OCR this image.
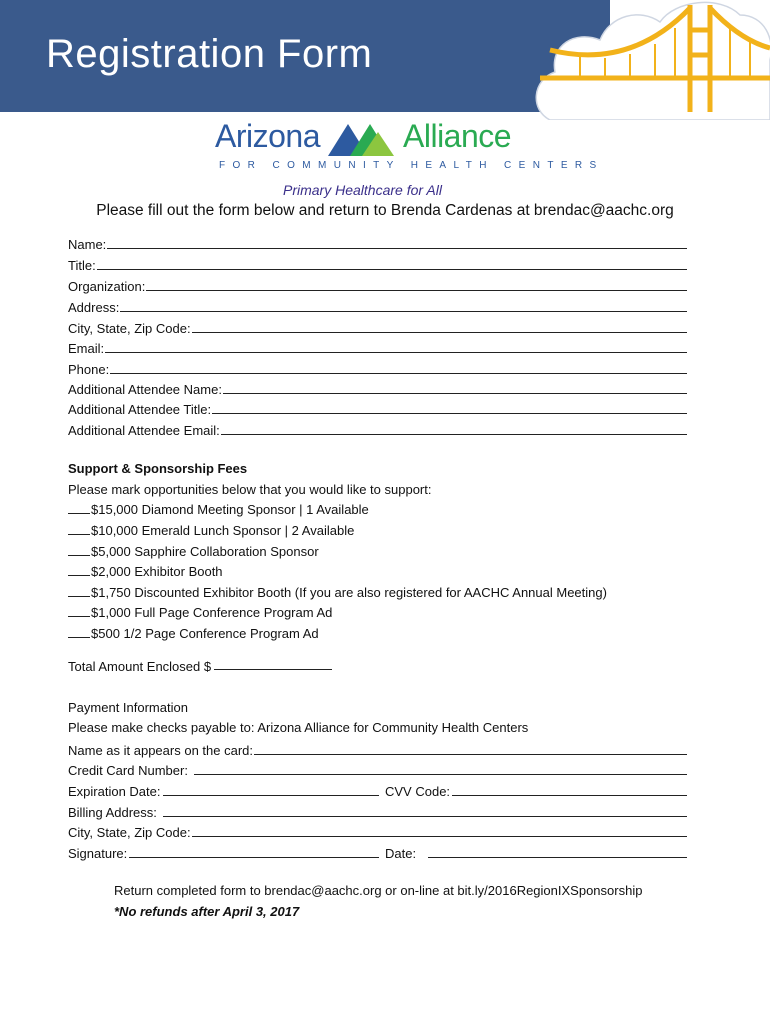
Registration Form
Arizona	Alliance
FOR COMMUNITY HEALTH CENTERS
Primary Healthcare for All
Please fill out the form below and return to Brenda Cardenas at brendac@aachc.org
Name:
Title:
Organization:
Address:
City, State, Zip Code:
Email:
Phone:
Additional Attendee Name:
Additional Attendee Title:
Additional Attendee Email:
Support & Sponsorship Fees
Please mark opportunities below that you would like to support:
$15,000 Diamond Meeting Sponsor | 1 Available
$10,000 Emerald Lunch Sponsor | 2 Available
$5,000 Sapphire Collaboration Sponsor
$2,000 Exhibitor Booth
$1,750 Discounted Exhibitor Booth (If you are also registered for AACHC Annual Meeting)
$1,000 Full Page Conference Program Ad
$500 1/2 Page Conference Program Ad
Total Amount Enclosed $
Payment Information
Please make checks payable to: Arizona Alliance for Community Health Centers
Name as it appears on the card:
Credit Card Number:
Expiration Date:	CVV Code:
Billing Address:
City, State, Zip Code:
Signature:	Date:
Return completed form to brendac@aachc.org or on-line at bit.ly/2016RegionIXSponsorship
*No refunds after April 3, 2017
